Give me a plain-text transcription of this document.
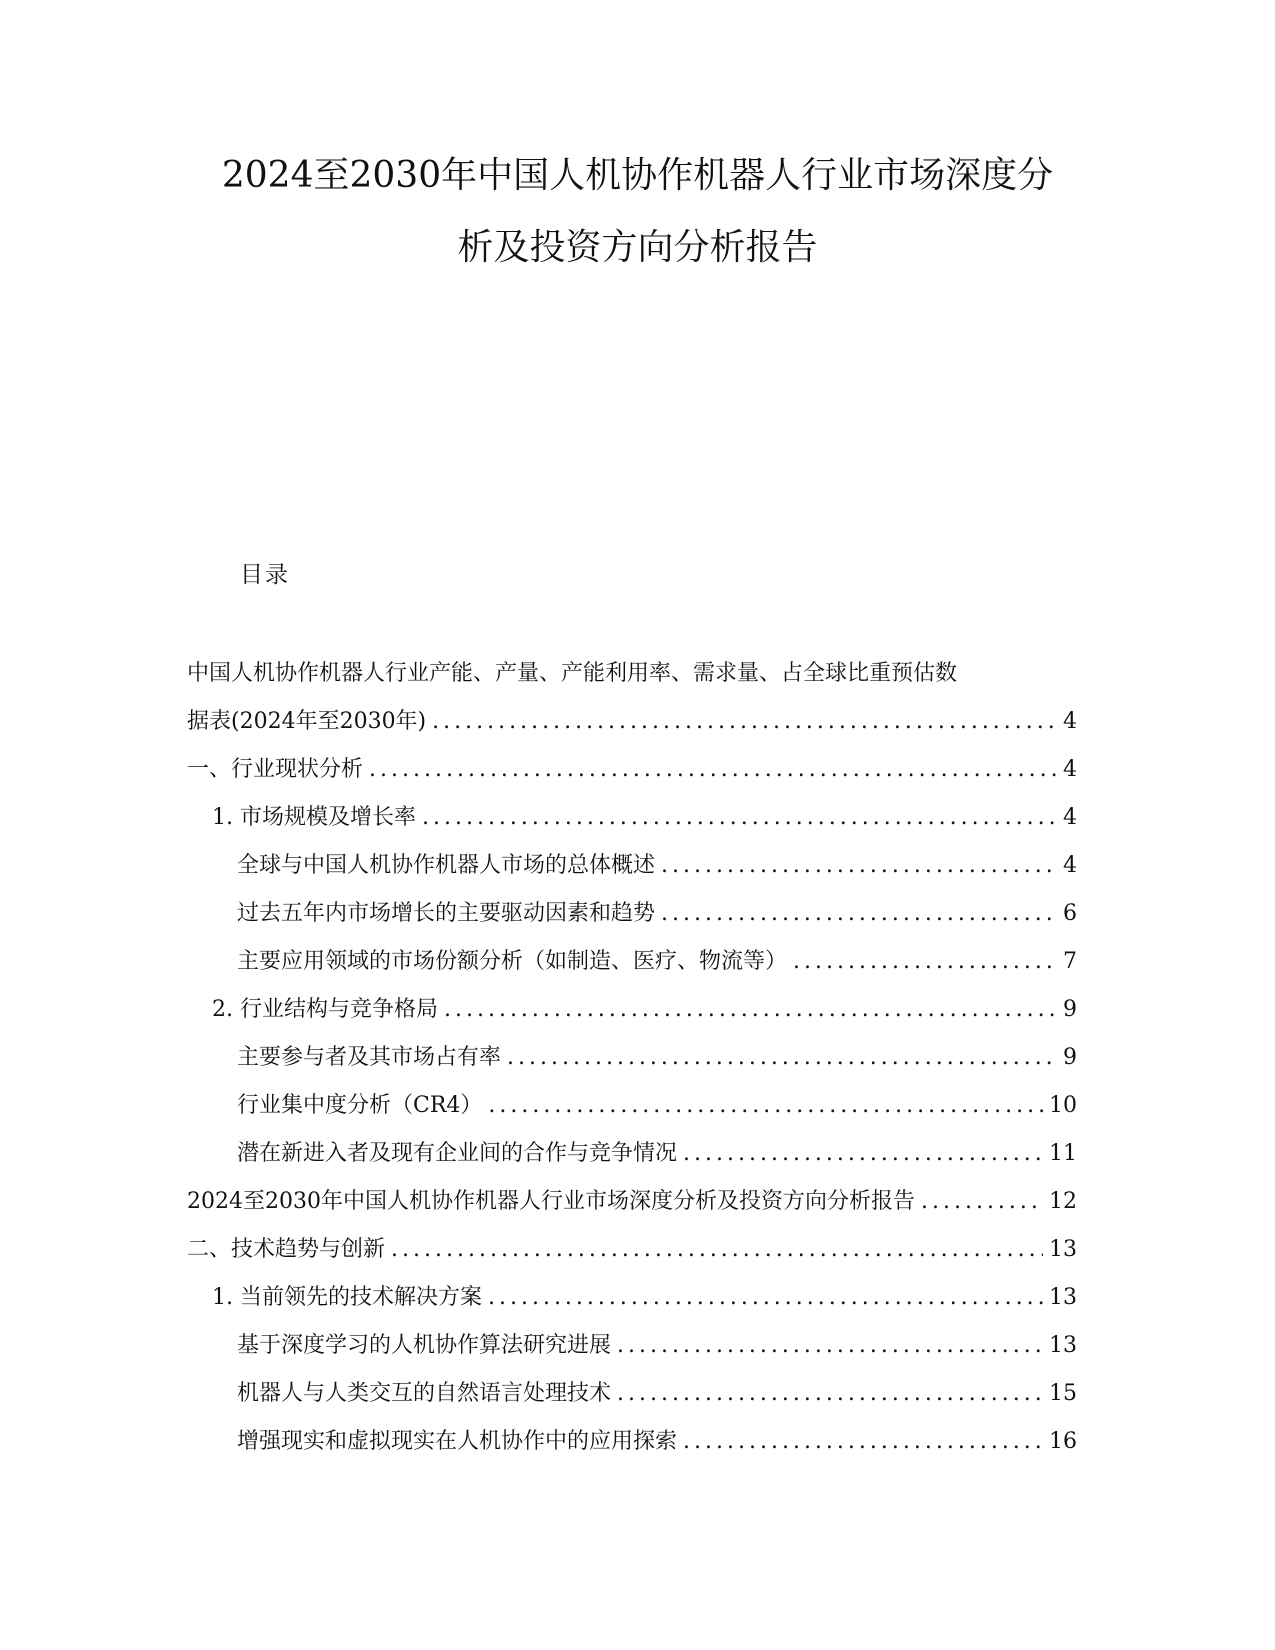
2024至2030年中国人机协作机器人行业市场深度分
析及投资方向分析报告
目录
中国人机协作机器人行业产能、产量、产能利用率、需求量、占全球比重预估数
据表(2024年至2030年) .....	4
一、行业现状分析 .....	4
1. 市场规模及增长率 .....	4
全球与中国人机协作机器人市场的总体概述 .....	4
过去五年内市场增长的主要驱动因素和趋势 .....	6
主要应用领域的市场份额分析（如制造、医疗、物流等） .....	7
2. 行业结构与竞争格局 .....	9
主要参与者及其市场占有率 .....	9
行业集中度分析（CR4） .....	10
潜在新进入者及现有企业间的合作与竞争情况 .....	11
2024至2030年中国人机协作机器人行业市场深度分析及投资方向分析报告 .....	12
二、技术趋势与创新 .....	13
1. 当前领先的技术解决方案 .....	13
基于深度学习的人机协作算法研究进展 .....	13
机器人与人类交互的自然语言处理技术 .....	15
增强现实和虚拟现实在人机协作中的应用探索 .....	16
